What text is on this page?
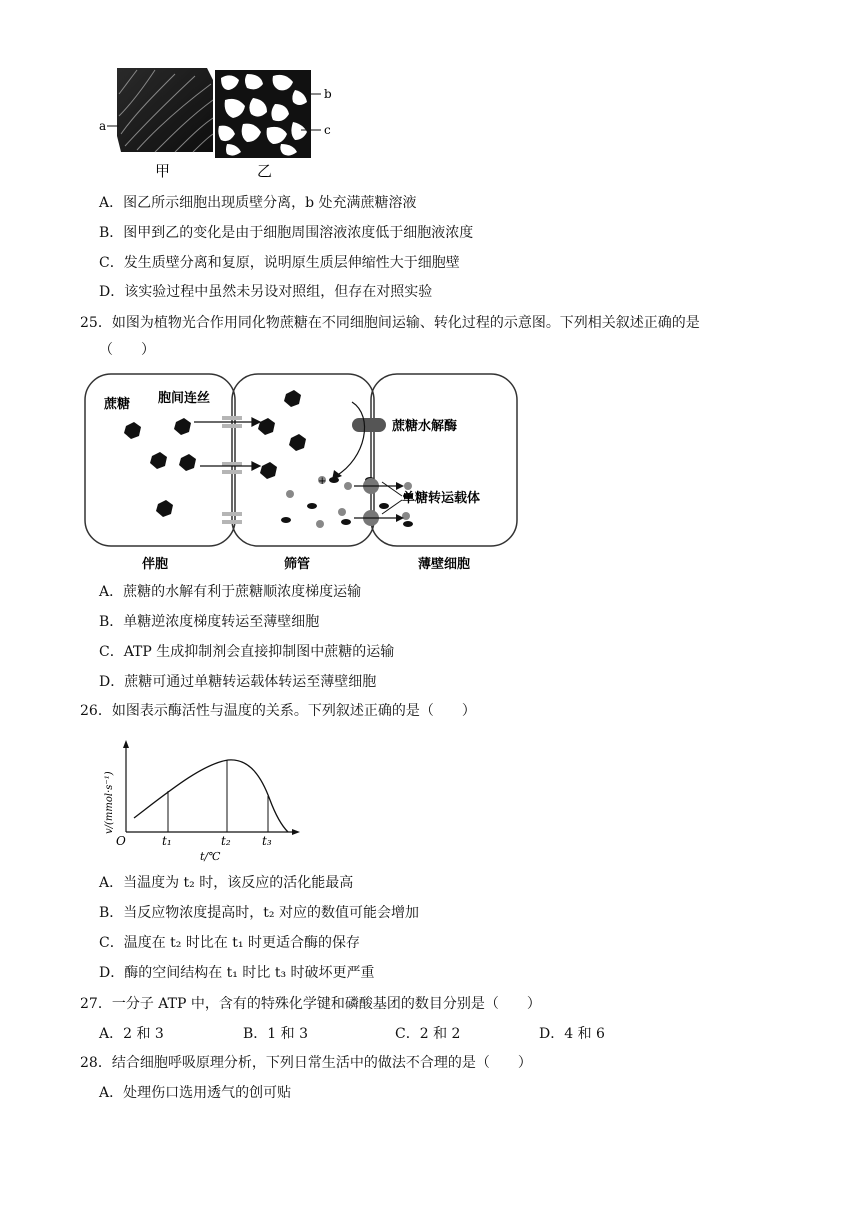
a
b
c
甲	乙
A．图乙所示细胞出现质壁分离，b 处充满蔗糖溶液
B．图甲到乙的变化是由于细胞周围溶液浓度低于细胞液浓度
C．发生质壁分离和复原，说明原生质层伸缩性大于细胞壁
D．该实验过程中虽然未另设对照组，但存在对照实验
25．如图为植物光合作用同化物蔗糖在不同细胞间运输、转化过程的示意图。下列相关叙述正确的是
（　　）
+
蔗糖 胞间连丝
蔗糖水解酶
单糖转运载体
伴胞	筛管	薄壁细胞
A．蔗糖的水解有利于蔗糖顺浓度梯度运输
B．单糖逆浓度梯度转运至薄壁细胞
C．ATP 生成抑制剂会直接抑制图中蔗糖的运输
D．蔗糖可通过单糖转运载体转运至薄壁细胞
26．如图表示酶活性与温度的关系。下列叙述正确的是（　　）
v/(mmol·s⁻¹)
O	t₁	t₂	t₃
t/℃
A．当温度为 t₂ 时，该反应的活化能最高
B．当反应物浓度提高时，t₂ 对应的数值可能会增加
C．温度在 t₂ 时比在 t₁ 时更适合酶的保存
D．酶的空间结构在 t₁ 时比 t₃ 时破坏更严重
27．一分子 ATP 中，含有的特殊化学键和磷酸基团的数目分别是（　　）
A．2 和 3	B．1 和 3	C．2 和 2	D．4 和 6
28．结合细胞呼吸原理分析，下列日常生活中的做法不合理的是（　　）
A．处理伤口选用透气的创可贴
